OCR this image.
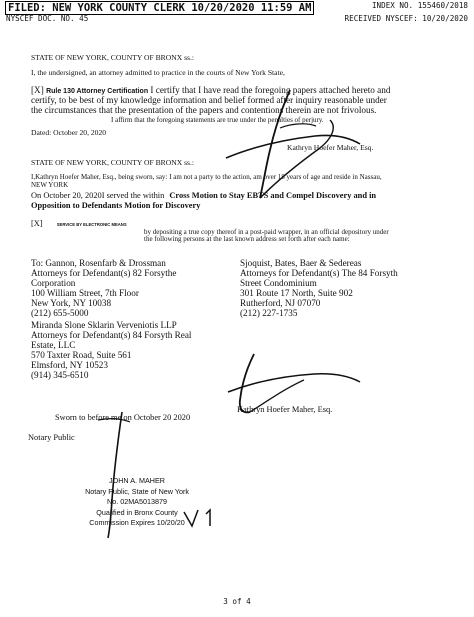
FILED: NEW YORK COUNTY CLERK 10/20/2020 11:59 AM	INDEX NO. 155460/2018
NYSCEF DOC. NO. 45	RECEIVED NYSCEF: 10/20/2020
STATE OF NEW YORK, COUNTY OF BRONX ss.:
I, the undersigned, an attorney admitted to practice in the courts of New York State,
[X] Rule 130 Attorney Certification I certify that I have read the foregoing papers attached hereto and
certify, to be best of my knowledge information and belief formed after inquiry reasonable under
the circumstances that the presentation of the papers and contentions therein are not frivolous.
I affirm that the foregoing statements are true under the penalties of perjury.
Dated: October 20, 2020
Kathryn Hoefer Maher, Esq.
STATE OF NEW YORK, COUNTY OF BRONX ss.:
I,Kathryn Hoefer Maher, Esq., being sworn, say: I am not a party to the action, am over 18 years of age and reside in Nassau,
NEW YORK
On October 20, 2020I served the within Cross Motion to Stay EBTS and Compel Discovery and in
Opposition to Defendants Motion for Discovery
[X]	SERVICE BY ELECTRONIC MEANS
by depositing a true copy thereof in a post-paid wrapper, in an official depository under
the following persons at the last known address set forth after each name:
To: Gannon, Rosenfarb & Drossman
Attorneys for Defendant(s) 82 Forsythe
Corporation
100 William Street, 7th Floor
New York, NY 10038
(212) 655-5000
Sjoquist, Bates, Baer & Sedereas
Attorneys for Defendant(s) The 84 Forsyth
Street Condominium
301 Route 17 North, Suite 902
Rutherford, NJ 07070
(212) 227-1735
Miranda Slone Sklarin Verveniotis LLP
Attorneys for Defendant(s) 84 Forsyth Real
Estate, LLC
570 Taxter Road, Suite 561
Elmsford, NY 10523
(914) 345-6510
Sworn to before me on October 20 2020
Notary Public
Kathryn Hoefer Maher, Esq.
JOHN A. MAHER
Notary Public, State of New York
No. 02MA5013879
Qualified in Bronx County
Commission Expires 10/20/20
3 of 4
